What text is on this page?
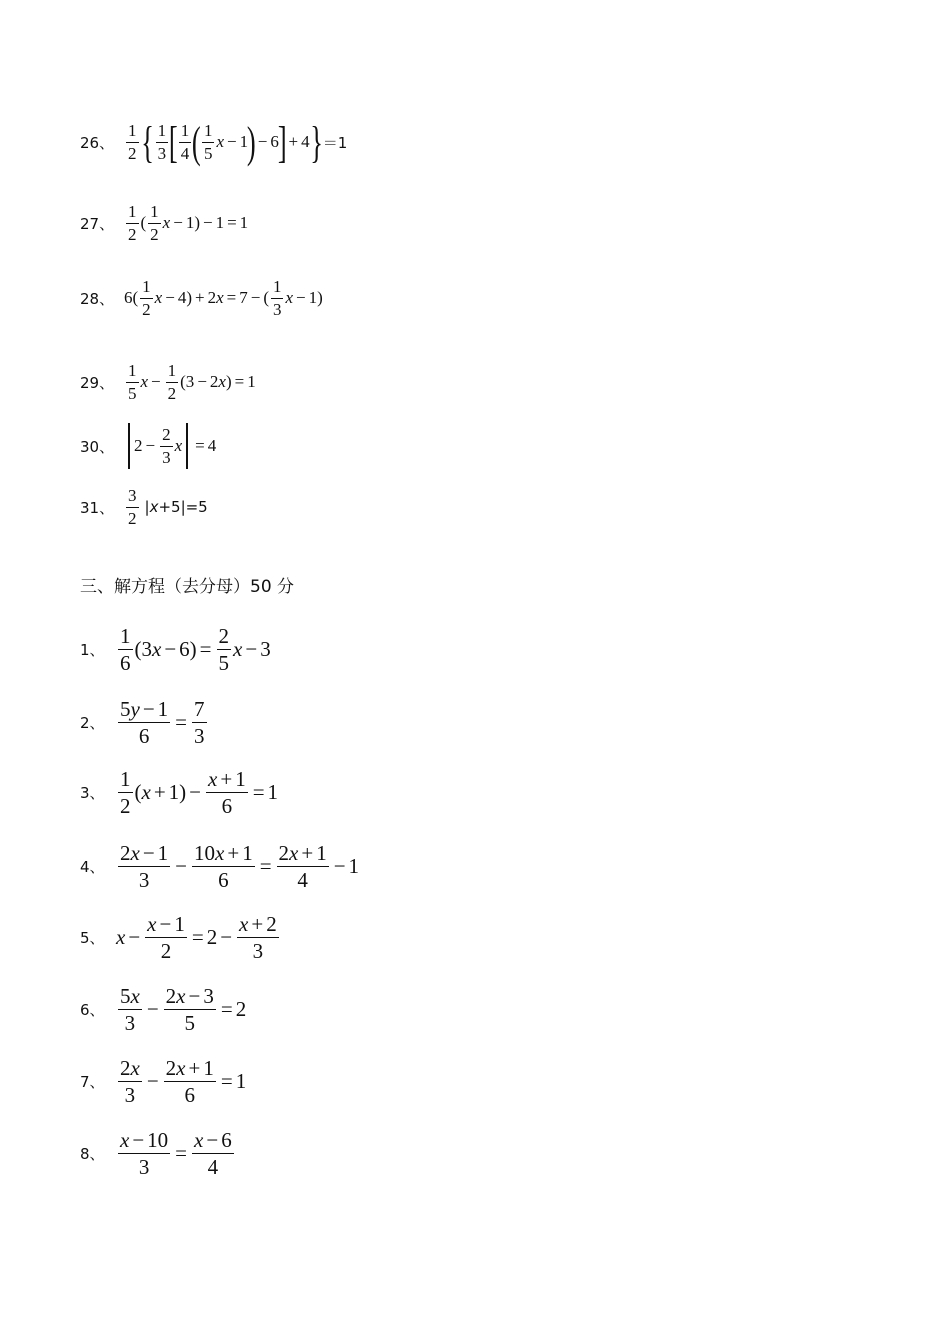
26、 $\frac{1}{2}$ { $\frac{1}{3}$ [ $\frac{1}{4}$ ( $\frac{1}{5}$ x − 1
) − 6
] + 4 } ＝1
27、 $\frac{1}{2}$ ( $\frac{1}{2}$ x − 1) − 1 = 1
28、 $6( \frac{1}{2}$ x − 4) + 2 x = 7 − ( $\frac{1}{3}$ x − 1)
29、 $\frac{1}{5}$ $x - \frac{1}{2} (3 - 2$ x ) = 1
30、	$2 - \frac{2}{3}$ x = 4
31、 $\frac{3}{2} |x+5|=5$
三、解方程（去分母）50 分
1、 $\frac{1}{6} (3$ $x - 6) = \frac{2}{5}$ x − 3
2、 $\frac{5y - 1}{6} = \frac{7}{3}$
3、 $\frac{1}{2}$ ( $x + 1) - \frac{x + 1}{6} = 1$
4、 $\frac{2x - 1}{3} - \frac{10x + 1}{6} = \frac{2x + 1}{4} - 1$
5、 $x - \frac{x - 1}{2} = 2 - \frac{x + 2}{3}$
6、 $\frac{5x}{3} - \frac{2x - 3}{5} = 2$
7、 $\frac{2x}{3} - \frac{2x + 1}{6} = 1$
8、 $\frac{x - 10}{3} = \frac{x - 6}{4}$
